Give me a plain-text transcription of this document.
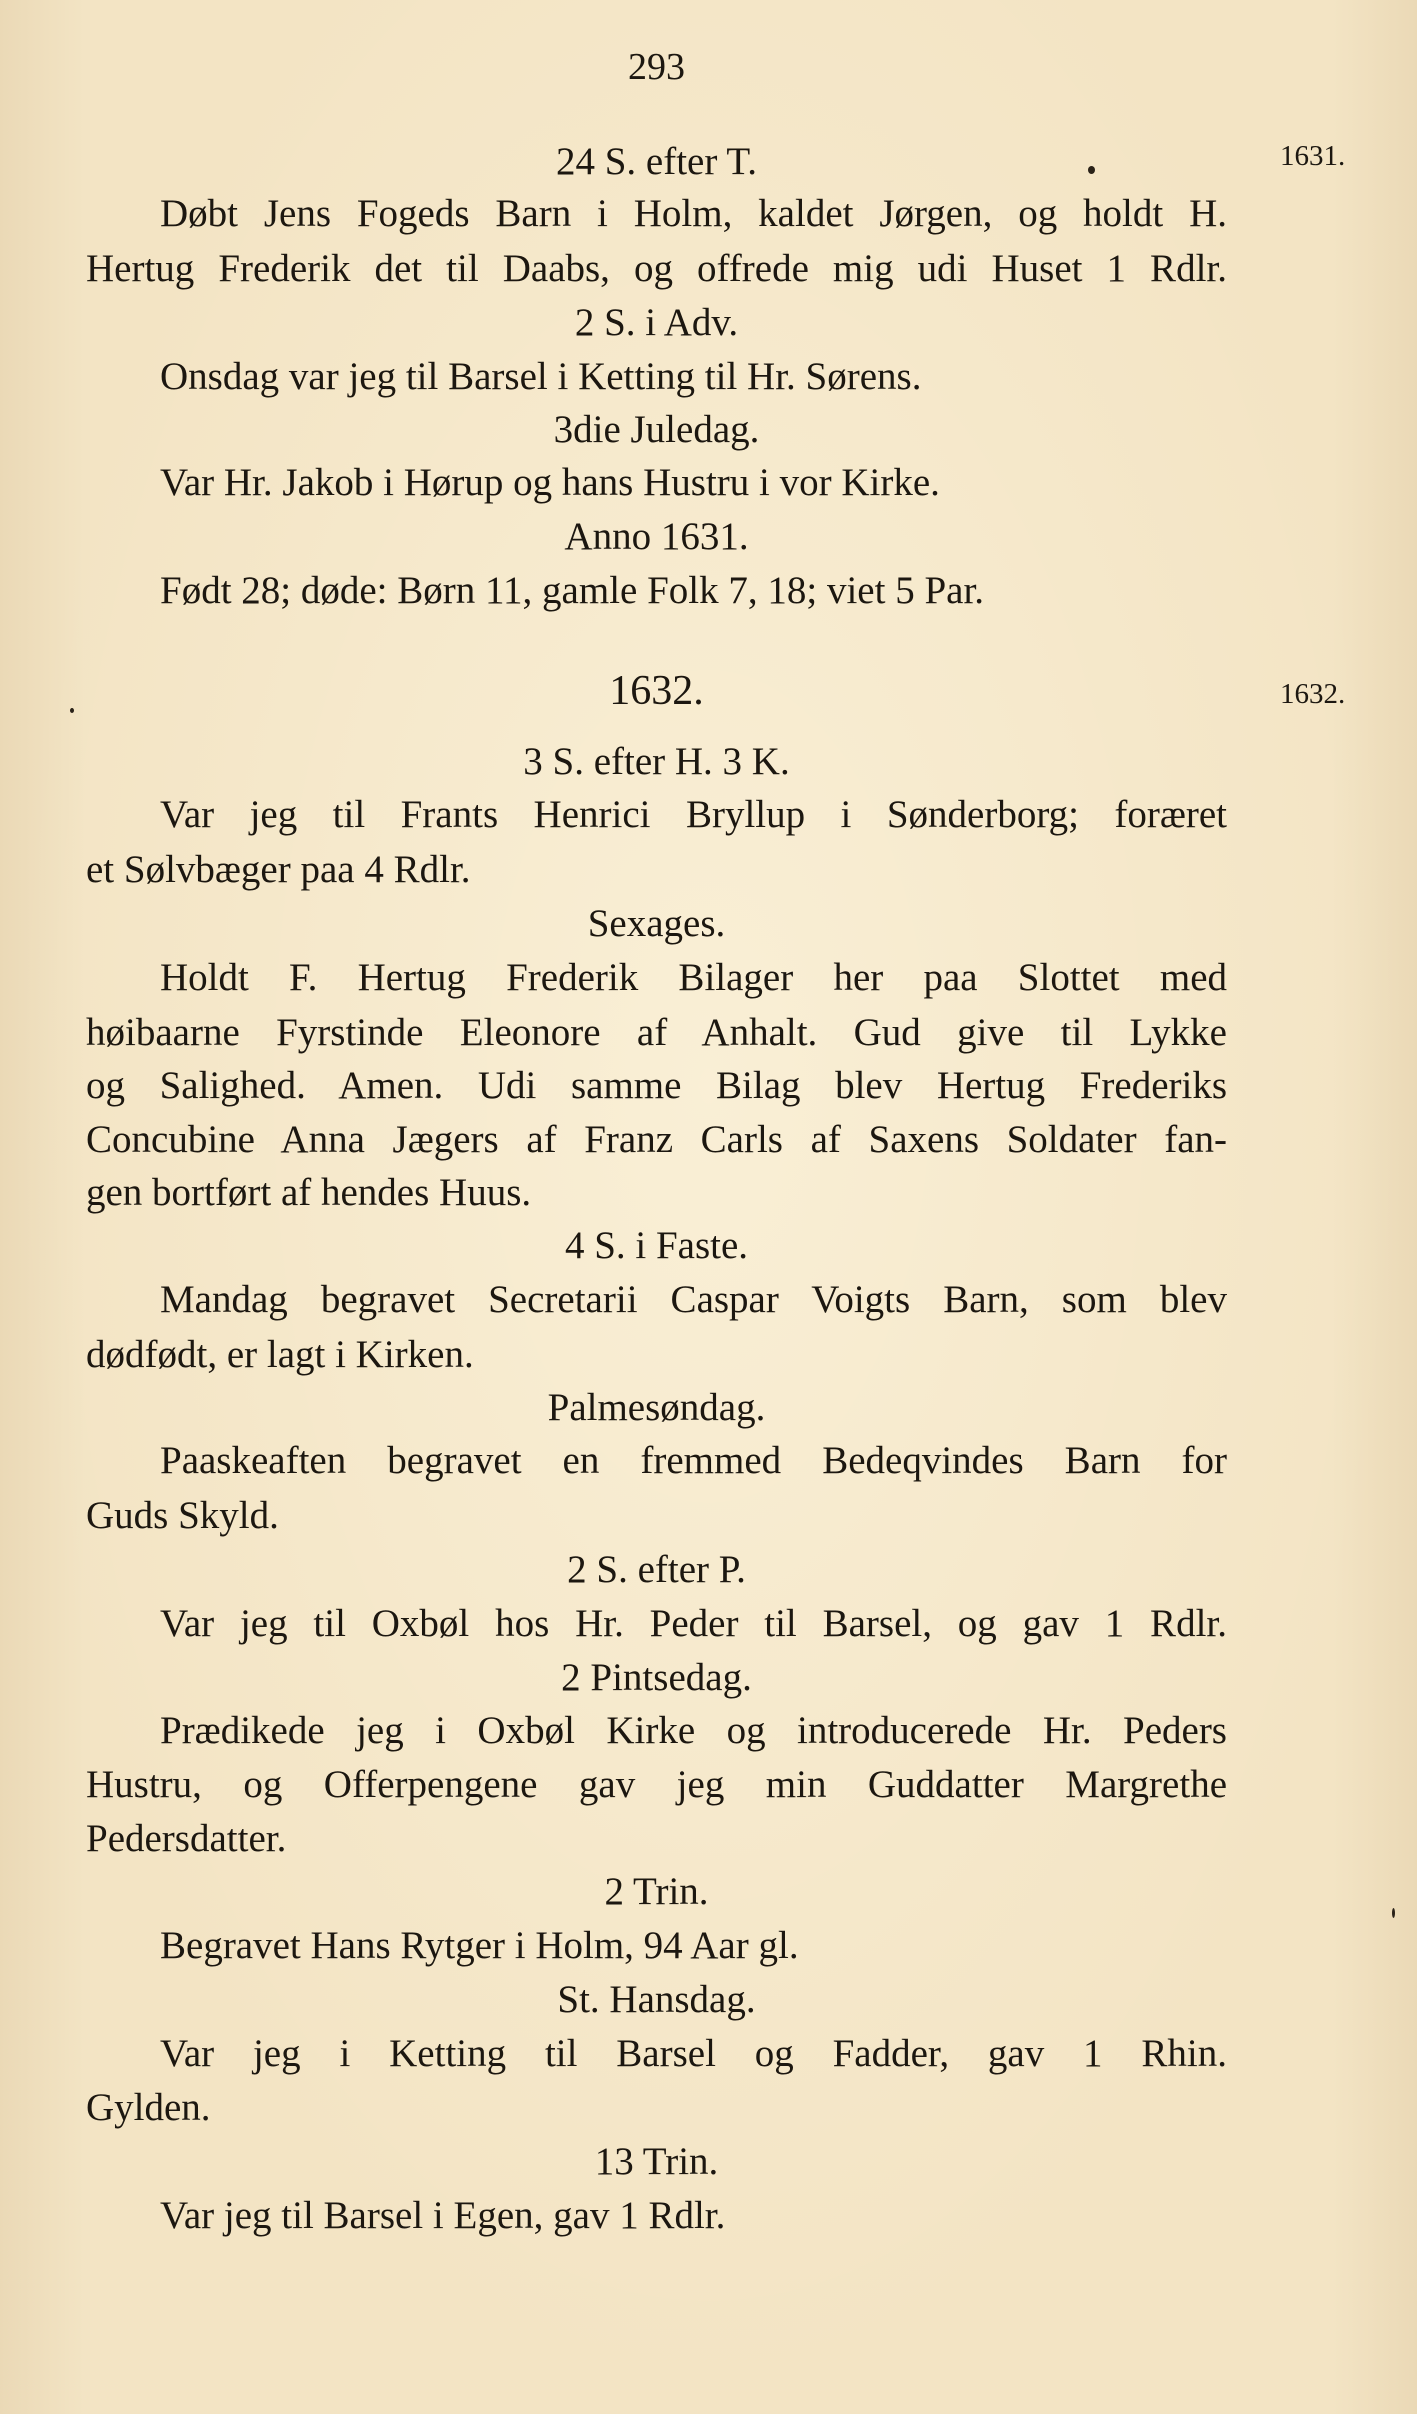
293
1631.
1632.
24 S. efter T.
Døbt Jens Fogeds Barn i Holm, kaldet Jørgen, og holdt H.
Hertug Frederik det til Daabs, og offrede mig udi Huset 1 Rdlr.
2 S. i Adv.
Onsdag var jeg til Barsel i Ketting til Hr. Sørens.
3die Juledag.
Var Hr. Jakob i Hørup og hans Hustru i vor Kirke.
Anno 1631.
Født 28; døde: Børn 11, gamle Folk 7, 18; viet 5 Par.
1632.
3 S. efter H. 3 K.
Var jeg til Frants Henrici Bryllup i Sønderborg; foræret
et Sølvbæger paa 4 Rdlr.
Sexages.
Holdt F. Hertug Frederik Bilager her paa Slottet med
høibaarne Fyrstinde Eleonore af Anhalt. Gud give til Lykke
og Salighed. Amen. Udi samme Bilag blev Hertug Frederiks
Concubine Anna Jægers af Franz Carls af Saxens Soldater fan-
gen bortført af hendes Huus.
4 S. i Faste.
Mandag begravet Secretarii Caspar Voigts Barn, som blev
dødfødt, er lagt i Kirken.
Palmesøndag.
Paaskeaften begravet en fremmed Bedeqvindes Barn for
Guds Skyld.
2 S. efter P.
Var jeg til Oxbøl hos Hr. Peder til Barsel, og gav 1 Rdlr.
2 Pintsedag.
Prædikede jeg i Oxbøl Kirke og introducerede Hr. Peders
Hustru, og Offerpengene gav jeg min Guddatter Margrethe
Pedersdatter.
2 Trin.
Begravet Hans Rytger i Holm, 94 Aar gl.
St. Hansdag.
Var jeg i Ketting til Barsel og Fadder, gav 1 Rhin.
Gylden.
13 Trin.
Var jeg til Barsel i Egen, gav 1 Rdlr.
